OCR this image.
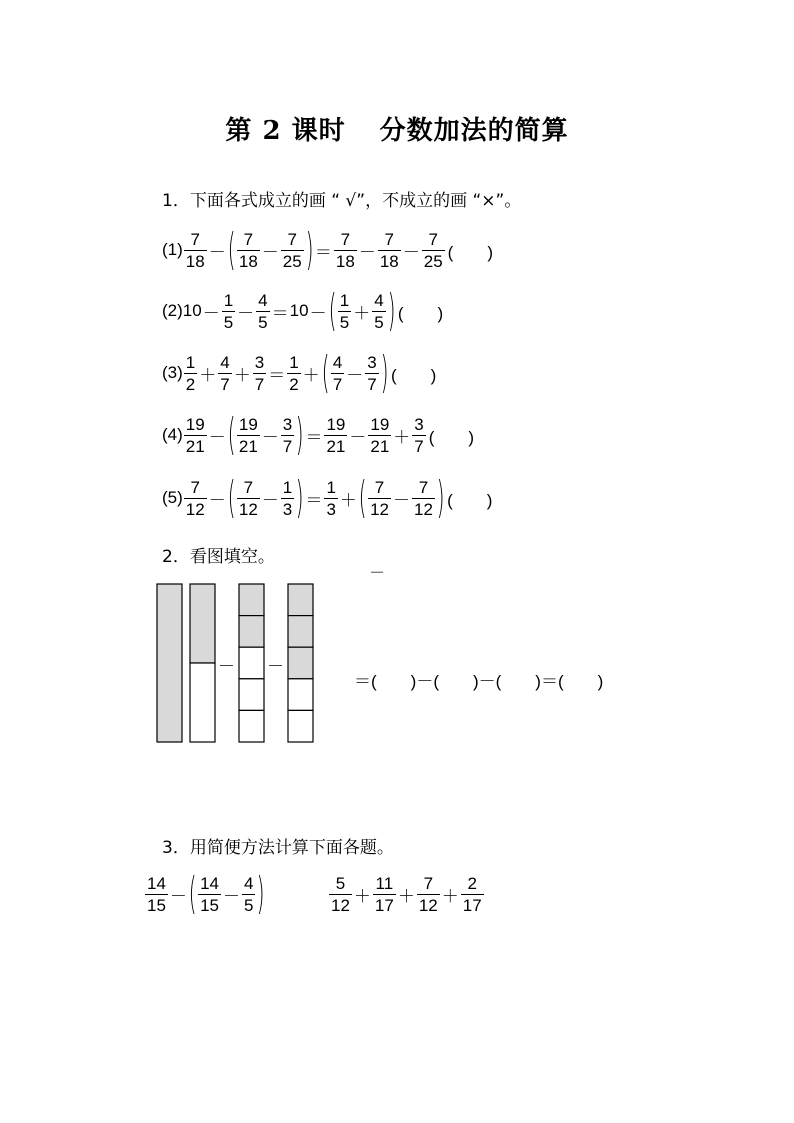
第 2 课时 分数加法的简算
1．下面各式成立的画 “ √”，不成立的画 “×”。
$(1) \frac{7}{18}$ － ( $\frac{7}{18} - \frac{7}{25}$ ) ＝ $\frac{7}{18} - \frac{7}{18} - \frac{7}{25}$ (　　)
(2) $10 - \frac{1}{5} - \frac{4}{5} = 10$ － ( $\frac{1}{5} + \frac{4}{5}$ ) (　　)
$(3) \frac{1}{2} + \frac{4}{7} + \frac{3}{7} = \frac{1}{2}$ ＋ ( $\frac{4}{7} - \frac{3}{7}$ ) (　　)
$(4) \frac{19}{21}$ － ( $\frac{19}{21} - \frac{3}{7}$ ) ＝ $\frac{19}{21} - \frac{19}{21} + \frac{3}{7}$ (　　)
$(5) \frac{7}{12}$ － ( $\frac{7}{12} - \frac{1}{3}$ ) ＝ $\frac{1}{3}$ ＋ ( $\frac{7}{12} - \frac{7}{12}$ ) (　　)
2．看图填空。
－
－ －
＝(　　)－(　　)－(　　)＝(　　)
3．用简便方法计算下面各题。
$\frac{14}{15}$ － ( $\frac{14}{15} - \frac{4}{5}$ )	$\frac{5}{12} + \frac{11}{17} + \frac{7}{12} + \frac{2}{17}$
